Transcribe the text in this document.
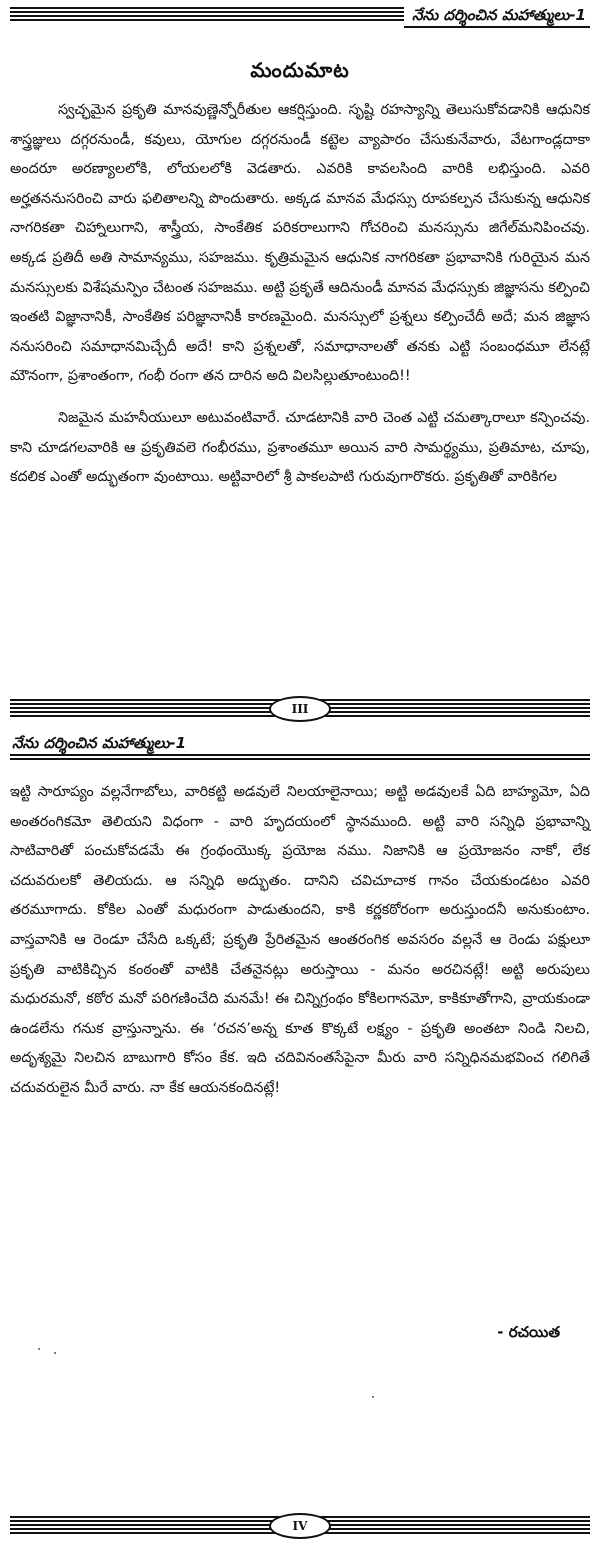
నేను దర్శించిన మహాత్ములు-1
మందుమాట

స్వచ్ఛమైన ప్రకృతి మానవుణ్ణెన్నోరీతుల ఆకర్షిస్తుంది. సృష్టి రహస్యాన్ని తెలుసుకోవడానికి ఆధునిక శాస్త్రజ్ఞులు దగ్గరనుండీ, కవులు, యోగుల దగ్గరనుండీ కట్టెల వ్యాపారం చేసుకునేవారు, వేటగాండ్లదాకా అందరూ అరణ్యాలలోకి, లోయలలోకి వెడతారు. ఎవరికి కావలసింది వారికి లభిస్తుంది. ఎవరి అర్హతననుసరించి వారు ఫలితాలన్ని పొందుతారు. అక్కడ మానవ మేధస్సు రూపకల్పన చేసుకున్న ఆధునిక నాగరికతా చిహ్నాలుగాని, శాస్త్రీయ, సాంకేతిక పరికరాలుగాని గోచరించి మనస్సును జిగేల్‌మనిపించవు. అక్కడ ప్రతిదీ అతి సామాన్యము, సహజము. కృత్రిమమైన ఆధునిక నాగరికతా ప్రభావానికి గురియైన మన మనస్సులకు విశేషమన్పిం చేటంత సహజము. అట్టి ప్రకృతే ఆదినుండీ మానవ మేధస్సుకు జిజ్ఞాసను కల్పించి ఇంతటి విజ్ఞానానికీ, సాంకేతిక పరిజ్ఞానానికీ కారణమైంది. మనస్సులో ప్రశ్నలు కల్పించేదీ అదే; మన జిజ్ఞాస ననుసరించి సమాధానమిచ్చేదీ అదే! కాని ప్రశ్నలతో, సమాధానాలతో తనకు ఎట్టి సంబంధమూ లేనట్లే మౌనంగా, ప్రశాంతంగా, గంభీ రంగా తన దారిన అది విలసిల్లుతూంటుంది!!

నిజమైన మహనీయులూ అటువంటివారే. చూడటానికి వారి చెంత ఎట్టి చమత్కారాలూ కన్పించవు. కాని చూడగలవారికి ఆ ప్రకృతివలె గంభీరము, ప్రశాంతమూ అయిన వారి సామర్థ్యము, ప్రతిమాట, చూపు, కదలిక ఎంతో అద్భుతంగా వుంటాయి. అట్టివారిలో శ్రీ పాకలపాటి గురువుగారొకరు. ప్రకృతితో వారికిగల

III
నేను దర్శించిన మహాత్ములు-1

ఇట్టి సారూప్యం వల్లనేగాబోలు, వారికట్టి అడవులే నిలయాలైనాయి; అట్టి అడవులకే ఏది బాహ్యమో, ఏది అంతరంగికమో తెలియని విధంగా - వారి హృదయంలో స్థానముంది. అట్టి వారి సన్నిధి ప్రభావాన్ని సాటివారితో పంచుకోవడమే ఈ గ్రంథంయొక్క ప్రయోజ నము. నిజానికి ఆ ప్రయోజనం నాకో, లేక చదువరులకో తెలియదు. ఆ సన్నిధి అద్భుతం. దానిని చవిచూచాక గానం చేయకుండటం ఎవరి తరమూగాదు. కోకిల ఎంతో మధురంగా పాడుతుందని, కాకి కర్ణకఠోరంగా అరుస్తుందనీ అనుకుంటాం. వాస్తవానికి ఆ రెండూ చేసేది ఒక్కటే; ప్రకృతి ప్రేరితమైన ఆంతరంగిక అవసరం వల్లనే ఆ రెండు పక్షులూ ప్రకృతి వాటికిచ్చిన కంఠంతో వాటికి చేతనైనట్లు అరుస్తాయి - మనం అరచినట్లే! అట్టి అరుపులు మధురమనో, కఠోర మనో పరిగణించేది మనమే! ఈ చిన్నిగ్రంథం కోకిలగానమో, కాకికూతోగాని, వ్రాయకుండా ఉండలేను గనుక వ్రాస్తున్నాను. ఈ ‘రచన’అన్న కూత కొక్కటే లక్ష్యం - ప్రకృతి అంతటా నిండి నిలచి, అదృశ్యమై నిలచిన బాబుగారి కోసం కేక. ఇది చదివినంతసేపైనా మీరు వారి సన్నిధినమభవించ గలిగితే చదువరులైన మీరే వారు. నా కేక ఆయనకందినట్లే!

- రచయిత
IV
